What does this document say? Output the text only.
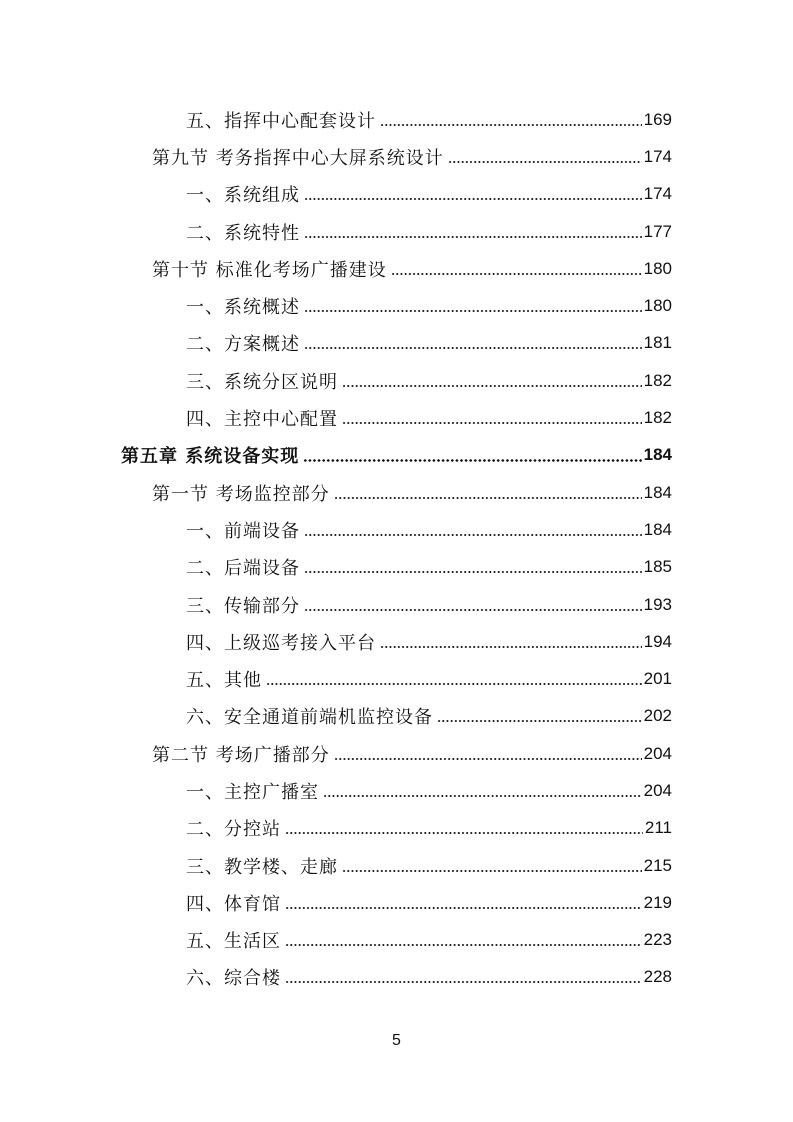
五、指挥中心配套设计	169
第九节 考务指挥中心大屏系统设计	174
一、系统组成	174
二、系统特性	177
第十节 标准化考场广播建设	180
一、系统概述	180
二、方案概述	181
三、系统分区说明	182
四、主控中心配置	182
第五章 系统设备实现	184
第一节 考场监控部分	184
一、前端设备	184
二、后端设备	185
三、传输部分	193
四、上级巡考接入平台	194
五、其他	201
六、安全通道前端机监控设备	202
第二节 考场广播部分	204
一、主控广播室	204
二、分控站	211
三、教学楼、走廊	215
四、体育馆	219
五、生活区	223
六、综合楼	228
5
